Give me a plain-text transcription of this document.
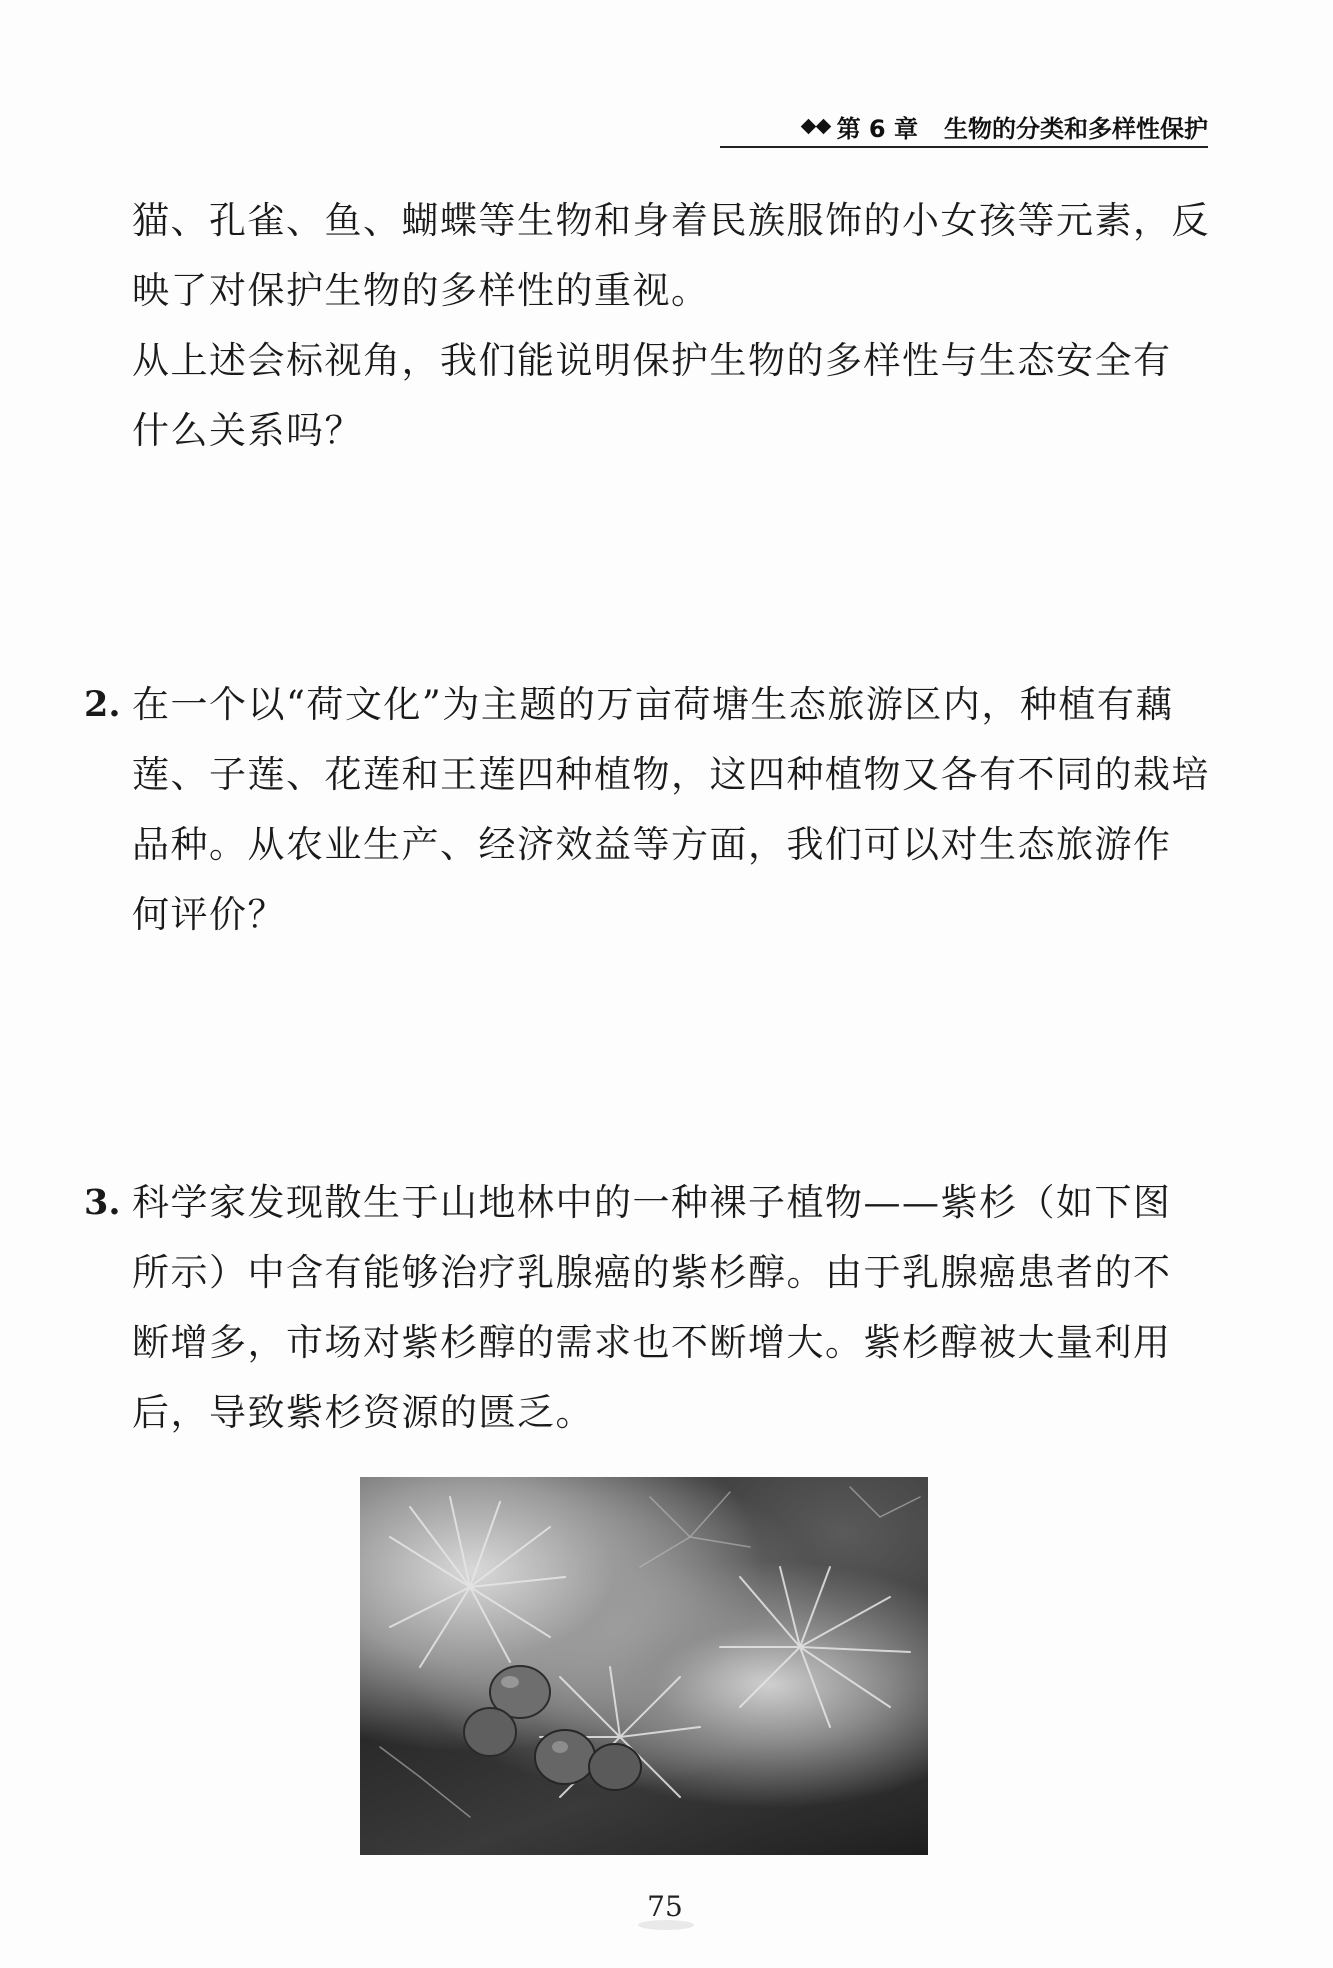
第 6 章 生物的分类和多样性保护
猫、孔雀、鱼、蝴蝶等生物和身着民族服饰的小女孩等元素，反
映了对保护生物的多样性的重视。
从上述会标视角，我们能说明保护生物的多样性与生态安全有
什么关系吗？
2. 在一个以“荷文化”为主题的万亩荷塘生态旅游区内，种植有藕
莲、子莲、花莲和王莲四种植物，这四种植物又各有不同的栽培
品种。从农业生产、经济效益等方面，我们可以对生态旅游作
何评价？
3. 科学家发现散生于山地林中的一种裸子植物——紫杉（如下图
所示）中含有能够治疗乳腺癌的紫杉醇。由于乳腺癌患者的不
断增多，市场对紫杉醇的需求也不断增大。紫杉醇被大量利用
后，导致紫杉资源的匮乏。
75
